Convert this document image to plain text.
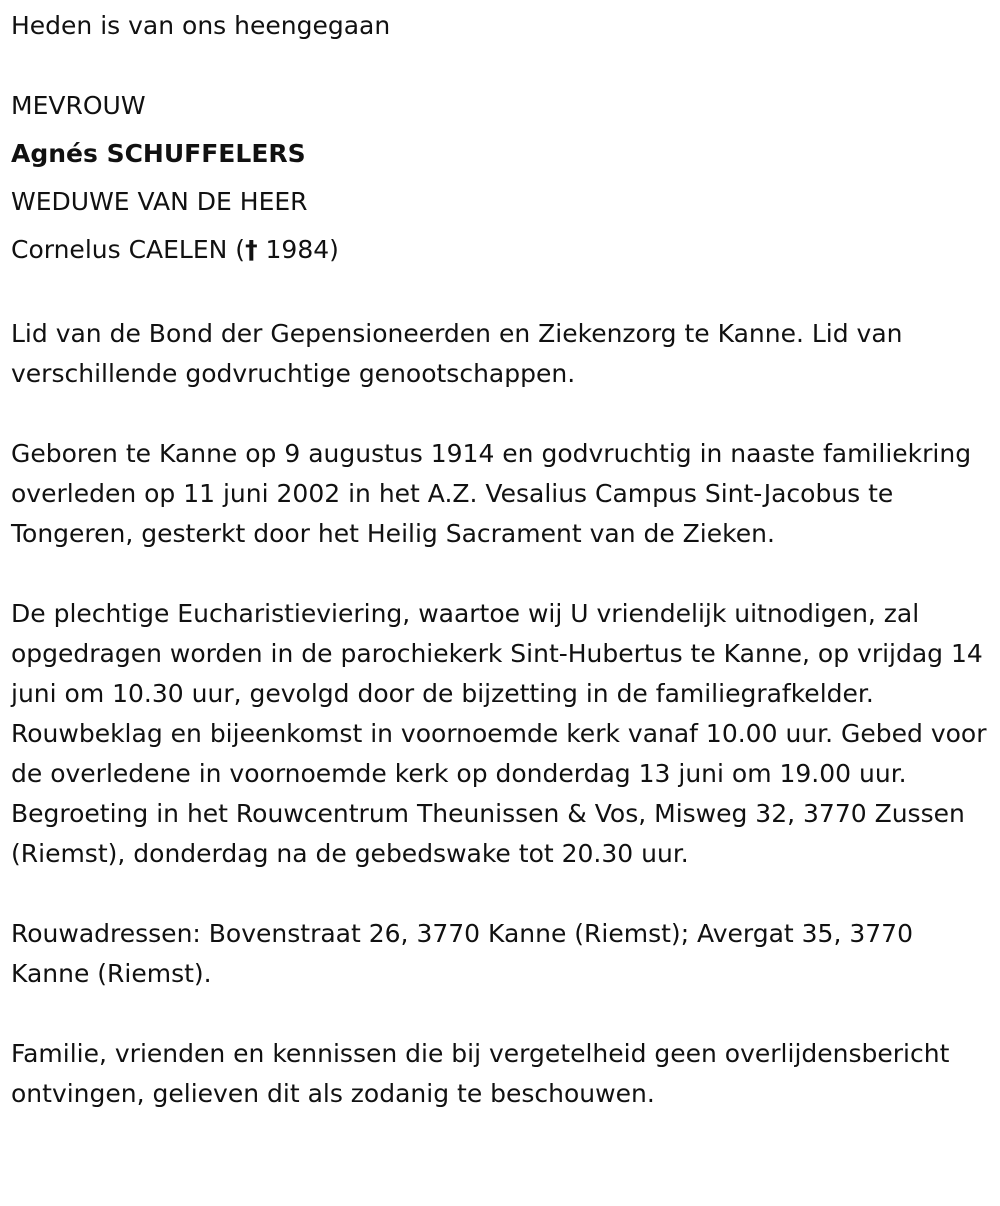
Heden is van ons heengegaan
MEVROUW
Agnés SCHUFFELERS
WEDUWE VAN DE HEER
Cornelus CAELEN († 1984)

Lid van de Bond der Gepensioneerden en Ziekenzorg te Kanne. Lid van verschillende godvruchtige genootschappen.

Geboren te Kanne op 9 augustus 1914 en godvruchtig in naaste familiekring overleden op 11 juni 2002 in het A.Z. Vesalius Campus Sint-Jacobus te Tongeren, gesterkt door het Heilig Sacrament van de Zieken.

De plechtige Eucharistieviering, waartoe wij U vriendelijk uitnodigen, zal opgedragen worden in de parochiekerk Sint-Hubertus te Kanne, op vrijdag 14 juni om 10.30 uur, gevolgd door de bijzetting in de familiegrafkelder. Rouwbeklag en bijeenkomst in voornoemde kerk vanaf 10.00 uur. Gebed voor de overledene in voornoemde kerk op donderdag 13 juni om 19.00 uur. Begroeting in het Rouwcentrum Theunissen & Vos, Misweg 32, 3770 Zussen (Riemst), donderdag na de gebedswake tot 20.30 uur.

Rouwadressen: Bovenstraat 26, 3770 Kanne (Riemst); Avergat 35, 3770 Kanne (Riemst).

Familie, vrienden en kennissen die bij vergetelheid geen overlijdensbericht ontvingen, gelieven dit als zodanig te beschouwen.
